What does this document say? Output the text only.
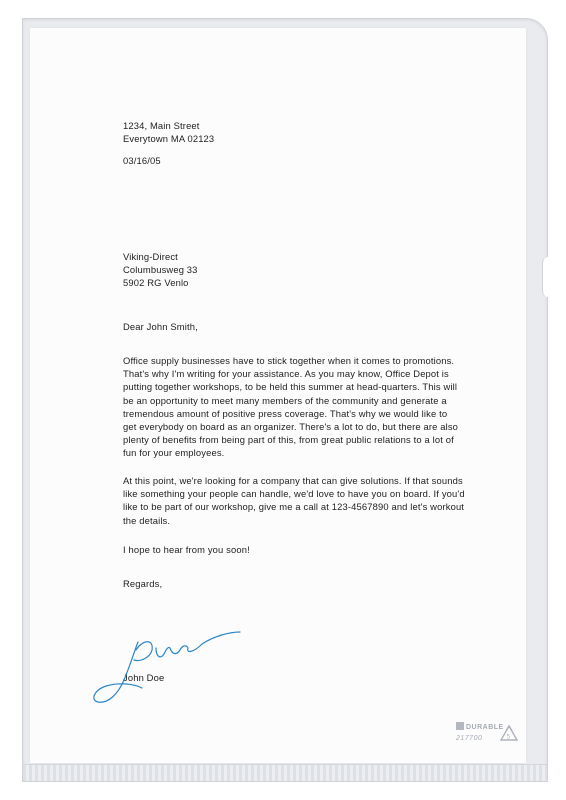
1234, Main Street
Everytown MA 02123
03/16/05
Viking-Direct
Columbusweg 33
5902 RG Venlo
Dear John Smith,
Office supply businesses have to stick together when it comes to promotions.
That's why I'm writing for your assistance. As you may know, Office Depot is
putting together workshops, to be held this summer at head-quarters. This will
be an opportunity to meet many members of the community and generate a
tremendous amount of positive press coverage. That's why we would like to
get everybody on board as an organizer. There's a lot to do, but there are also
plenty of benefits from being part of this, from great public relations to a lot of
fun for your employees.
At this point, we're looking for a company that can give solutions. If that sounds
like something your people can handle, we'd love to have you on board. If you'd
like to be part of our workshop, give me a call at 123-4567890 and let's workout
the details.
I hope to hear from you soon!
Regards,
John Doe
DURABLE
217700	5
